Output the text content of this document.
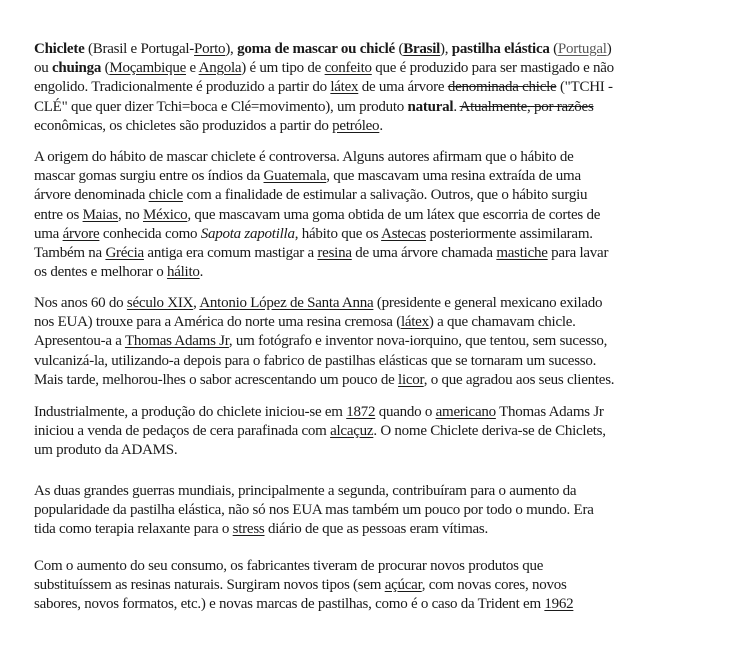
Chiclete (Brasil e Portugal-Porto), goma de mascar ou chiclé (Brasil), pastilha elástica (Portugal)
ou chuinga (Moçambique e Angola) é um tipo de confeito que é produzido para ser mastigado e não
engolido. Tradicionalmente é produzido a partir do látex de uma árvore denominada chicle ("TCHI -
CLÉ" que quer dizer Tchi=boca e Clé=movimento), um produto natural. Atualmente, por razões
econômicas, os chicletes são produzidos a partir do petróleo.
A origem do hábito de mascar chiclete é controversa. Alguns autores afirmam que o hábito de
mascar gomas surgiu entre os índios da Guatemala, que mascavam uma resina extraída de uma
árvore denominada chicle com a finalidade de estimular a salivação. Outros, que o hábito surgiu
entre os Maias, no México, que mascavam uma goma obtida de um látex que escorria de cortes de
uma árvore conhecida como Sapota zapotilla, hábito que os Astecas posteriormente assimilaram.
Também na Grécia antiga era comum mastigar a resina de uma árvore chamada mastiche para lavar
os dentes e melhorar o hálito.
Nos anos 60 do século XIX, Antonio López de Santa Anna (presidente e general mexicano exilado
nos EUA) trouxe para a América do norte uma resina cremosa (látex) a que chamavam chicle.
Apresentou-a a Thomas Adams Jr, um fotógrafo e inventor nova-iorquino, que tentou, sem sucesso,
vulcanizá-la, utilizando-a depois para o fabrico de pastilhas elásticas que se tornaram um sucesso.
Mais tarde, melhorou-lhes o sabor acrescentando um pouco de licor, o que agradou aos seus clientes.
Industrialmente, a produção do chiclete iniciou-se em 1872 quando o americano Thomas Adams Jr
iniciou a venda de pedaços de cera parafinada com alcaçuz. O nome Chiclete deriva-se de Chiclets,
um produto da ADAMS.
As duas grandes guerras mundiais, principalmente a segunda, contribuíram para o aumento da
popularidade da pastilha elástica, não só nos EUA mas também um pouco por todo o mundo. Era
tida como terapia relaxante para o stress diário de que as pessoas eram vítimas.
Com o aumento do seu consumo, os fabricantes tiveram de procurar novos produtos que
substituíssem as resinas naturais. Surgiram novos tipos (sem açúcar, com novas cores, novos
sabores, novos formatos, etc.) e novas marcas de pastilhas, como é o caso da Trident em 1962
